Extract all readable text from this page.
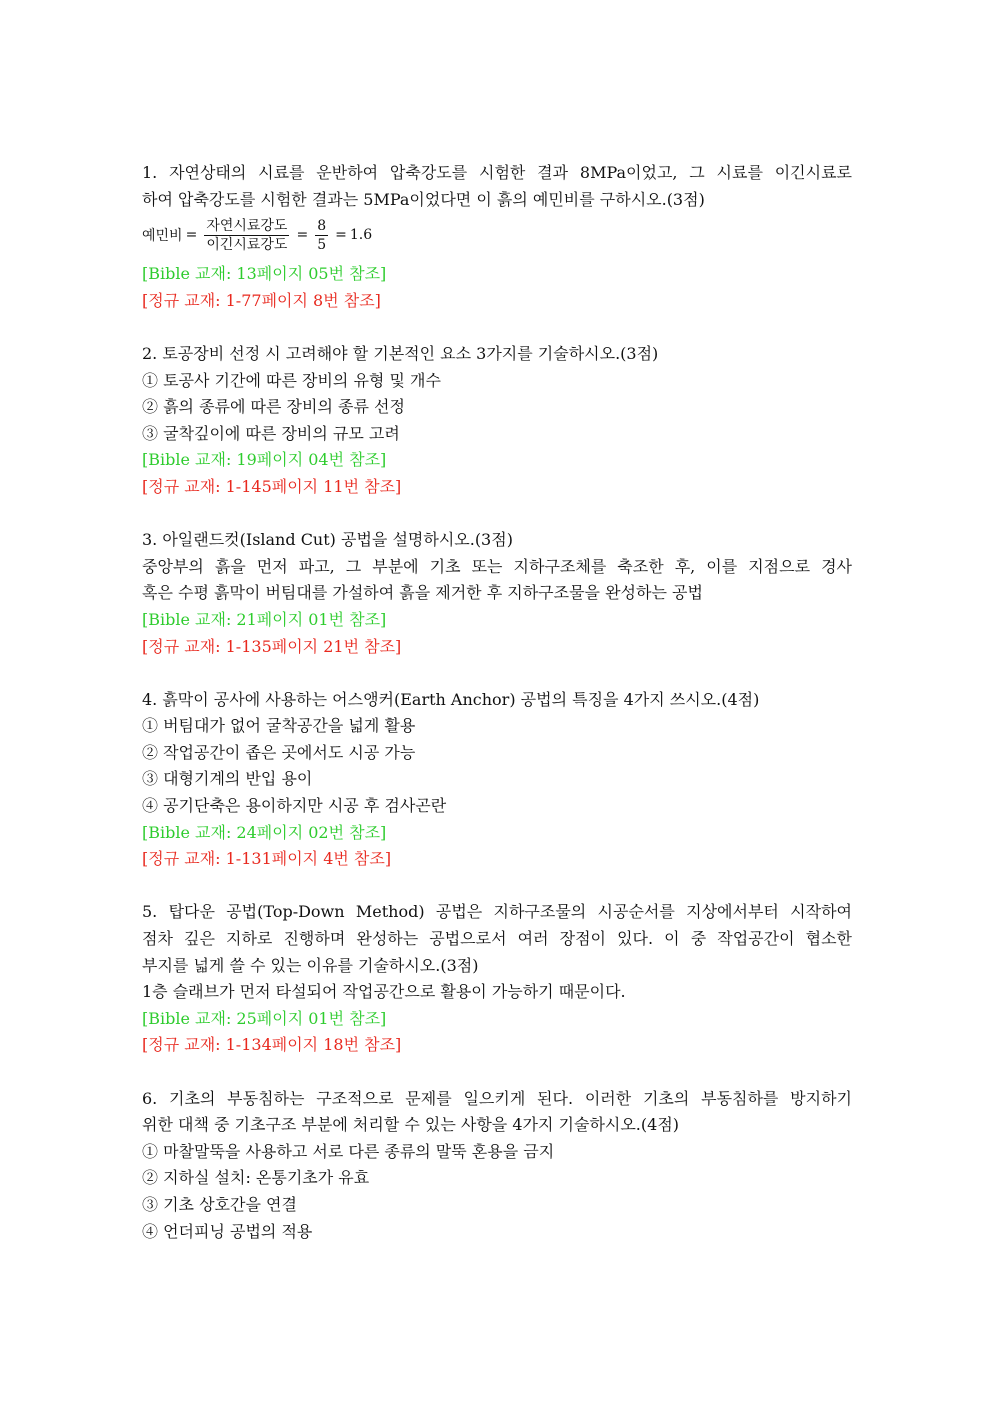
1. 자연상태의 시료를 운반하여 압축강도를 시험한 결과 8MPa이었고, 그 시료를 이긴시료로

하여 압축강도를 시험한 결과는 5MPa이었다면 이 흙의 예민비를 구하시오.(3점)

예민비 = $\frac{\text{자연시료강도}}{\text{이긴시료강도}} = \frac{8}{5} = 1.6$

[Bible 교재: 13페이지 05번 참조]

[정규 교재: 1-77페이지 8번 참조]

2. 토공장비 선정 시 고려해야 할 기본적인 요소 3가지를 기술하시오.(3점)

① 토공사 기간에 따른 장비의 유형 및 개수

② 흙의 종류에 따른 장비의 종류 선정

③ 굴착깊이에 따른 장비의 규모 고려

[Bible 교재: 19페이지 04번 참조]

[정규 교재: 1-145페이지 11번 참조]

3. 아일랜드컷(Island Cut) 공법을 설명하시오.(3점)

중앙부의 흙을 먼저 파고, 그 부분에 기초 또는 지하구조체를 축조한 후, 이를 지점으로 경사

혹은 수평 흙막이 버팀대를 가설하여 흙을 제거한 후 지하구조물을 완성하는 공법

[Bible 교재: 21페이지 01번 참조]

[정규 교재: 1-135페이지 21번 참조]

4. 흙막이 공사에 사용하는 어스앵커(Earth Anchor) 공법의 특징을 4가지 쓰시오.(4점)

① 버팀대가 없어 굴착공간을 넓게 활용

② 작업공간이 좁은 곳에서도 시공 가능

③ 대형기계의 반입 용이

④ 공기단축은 용이하지만 시공 후 검사곤란

[Bible 교재: 24페이지 02번 참조]

[정규 교재: 1-131페이지 4번 참조]

5. 탑다운 공법(Top-Down Method) 공법은 지하구조물의 시공순서를 지상에서부터 시작하여

점차 깊은 지하로 진행하며 완성하는 공법으로서 여러 장점이 있다. 이 중 작업공간이 협소한

부지를 넓게 쓸 수 있는 이유를 기술하시오.(3점)

1층 슬래브가 먼저 타설되어 작업공간으로 활용이 가능하기 때문이다.

[Bible 교재: 25페이지 01번 참조]

[정규 교재: 1-134페이지 18번 참조]

6. 기초의 부동침하는 구조적으로 문제를 일으키게 된다. 이러한 기초의 부동침하를 방지하기

위한 대책 중 기초구조 부분에 처리할 수 있는 사항을 4가지 기술하시오.(4점)

① 마찰말뚝을 사용하고 서로 다른 종류의 말뚝 혼용을 금지

② 지하실 설치: 온통기초가 유효

③ 기초 상호간을 연결

④ 언더피닝 공법의 적용
